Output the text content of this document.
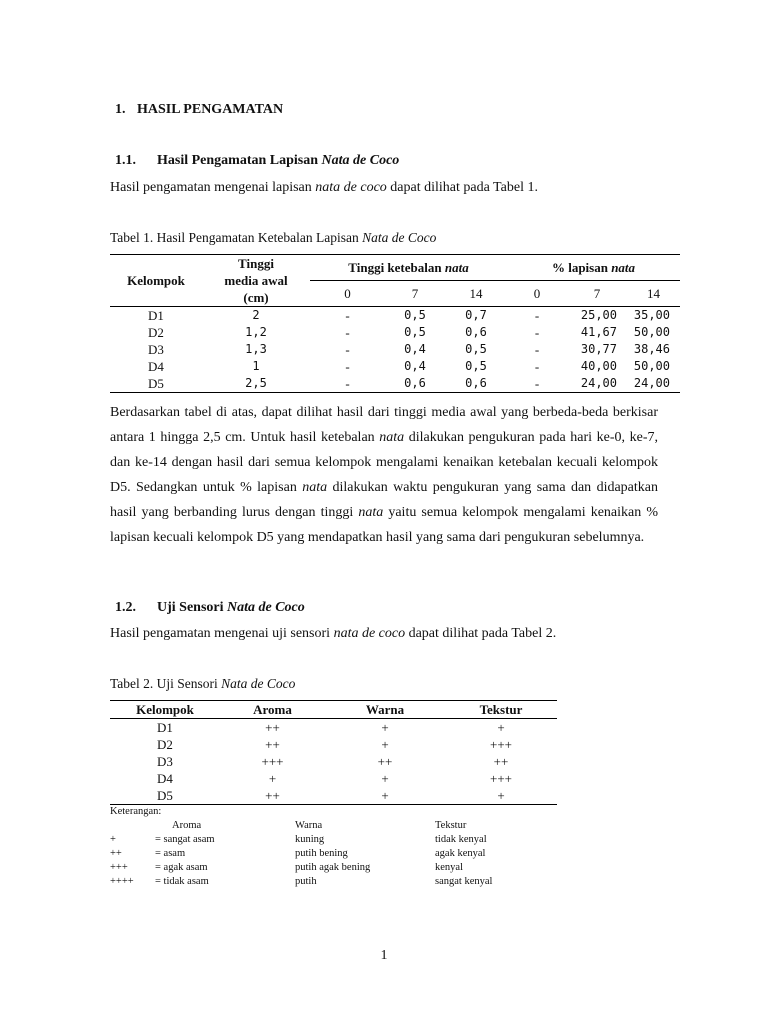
1. HASIL PENGAMATAN
1.1. Hasil Pengamatan Lapisan Nata de Coco
Hasil pengamatan mengenai lapisan nata de coco dapat dilihat pada Tabel 1.
Tabel 1. Hasil Pengamatan Ketebalan Lapisan Nata de Coco
Kelompok	Tinggi media awal (cm)	Tinggi ketebalan nata			% lapisan nata		
		0	7	14	0	7	14
D1	2	-	0,5	0,7	-	25,00	35,00
D2	1,2	-	0,5	0,6	-	41,67	50,00
D3	1,3	-	0,4	0,5	-	30,77	38,46
D4	1	-	0,4	0,5	-	40,00	50,00
D5	2,5	-	0,6	0,6	-	24,00	24,00
Berdasarkan tabel di atas, dapat dilihat hasil dari tinggi media awal yang berbeda-beda berkisar antara 1 hingga 2,5 cm. Untuk hasil ketebalan nata dilakukan pengukuran pada hari ke-0, ke-7, dan ke-14 dengan hasil dari semua kelompok mengalami kenaikan ketebalan kecuali kelompok D5. Sedangkan untuk % lapisan nata dilakukan waktu pengukuran yang sama dan didapatkan hasil yang berbanding lurus dengan tinggi nata yaitu semua kelompok mengalami kenaikan % lapisan kecuali kelompok D5 yang mendapatkan hasil yang sama dari pengukuran sebelumnya.
1.2. Uji Sensori Nata de Coco
Hasil pengamatan mengenai uji sensori nata de coco dapat dilihat pada Tabel 2.
Tabel 2. Uji Sensori Nata de Coco
Kelompok	Aroma	Warna	Tekstur
D1	++	+	+
D2	++	+	+++
D3	+++	++	++
D4	+	+	+++
D5	++	+	+
Keterangan:
Aroma	Warna	Tekstur
+	= sangat asam	kuning	tidak kenyal
++	= asam	putih bening	agak kenyal
+++	= agak asam	putih agak bening	kenyal
++++ = tidak asam	putih	sangat kenyal
1
